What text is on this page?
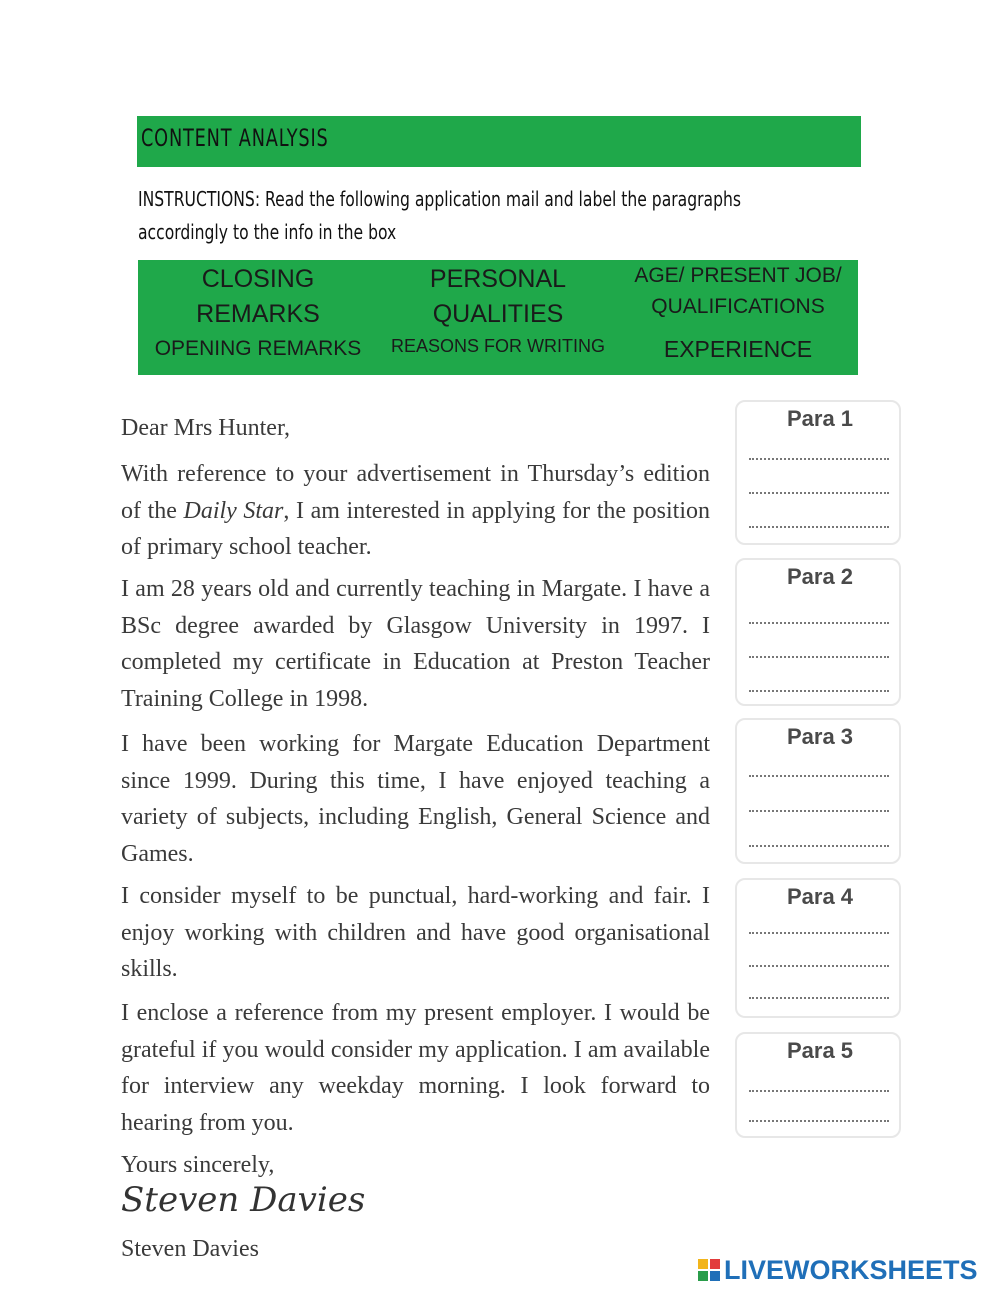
CONTENT ANALYSIS
INSTRUCTIONS: Read the following application mail and label the paragraphs
accordingly to the info in the box
CLOSING
REMARKS
PERSONAL
QUALITIES
AGE/ PRESENT JOB/
QUALIFICATIONS
OPENING REMARKS	REASONS FOR WRITING	EXPERIENCE
Dear Mrs Hunter,
With reference to your advertisement in Thursday’s edition of the Daily Star, I am interested in applying for the position of primary school teacher.
I am 28 years old and currently teaching in Margate. I have a BSc degree awarded by Glasgow University in 1997. I completed my certificate in Education at Preston Teacher Training College in 1998.
I have been working for Margate Education Department since 1999. During this time, I have enjoyed teaching a variety of subjects, including English, General Science and Games.
I consider myself to be punctual, hard-working and fair. I enjoy working with children and have good organisational skills.
I enclose a reference from my present employer. I would be grateful if you would consider my application. I am available for interview any weekday morning. I look forward to hearing from you.
Yours sincerely,
Steven Davies
Steven Davies
Para 1
Para 2
Para 3
Para 4
Para 5
LIVEWORKSHEETS
